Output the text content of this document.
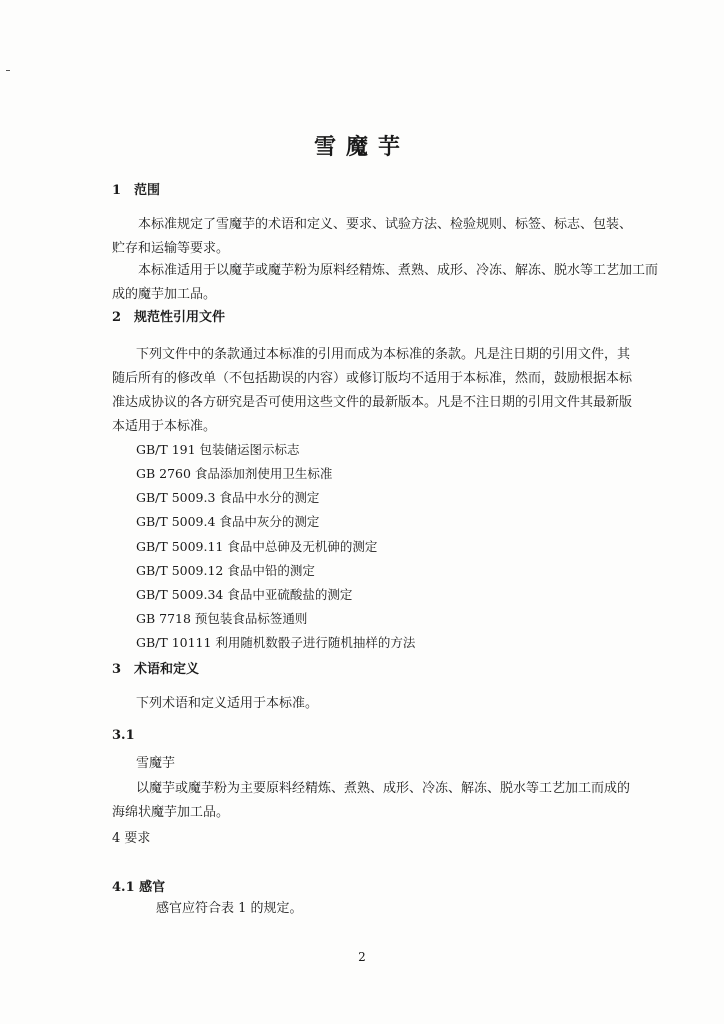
雪魔芋
1　范围
本标准规定了雪魔芋的术语和定义、要求、试验方法、检验规则、标签、标志、包装、
贮存和运输等要求。
本标准适用于以魔芋或魔芋粉为原料经精炼、煮熟、成形、冷冻、解冻、脱水等工艺加工而
成的魔芋加工品。
2　规范性引用文件
下列文件中的条款通过本标准的引用而成为本标准的条款。凡是注日期的引用文件，其
随后所有的修改单（不包括勘误的内容）或修订版均不适用于本标准，然而，鼓励根据本标
准达成协议的各方研究是否可使用这些文件的最新版本。凡是不注日期的引用文件其最新版
本适用于本标准。
GB/T 191 包装储运图示标志
GB 2760 食品添加剂使用卫生标准
GB/T 5009.3 食品中水分的测定
GB/T 5009.4 食品中灰分的测定
GB/T 5009.11 食品中总砷及无机砷的测定
GB/T 5009.12 食品中铅的测定
GB/T 5009.34 食品中亚硫酸盐的测定
GB 7718 预包装食品标签通则
GB/T 10111 利用随机数骰子进行随机抽样的方法
3　术语和定义
下列术语和定义适用于本标准。
3.1
雪魔芋
以魔芋或魔芋粉为主要原料经精炼、煮熟、成形、冷冻、解冻、脱水等工艺加工而成的
海绵状魔芋加工品。
4 要求
4.1 感官
感官应符合表 1 的规定。
2
